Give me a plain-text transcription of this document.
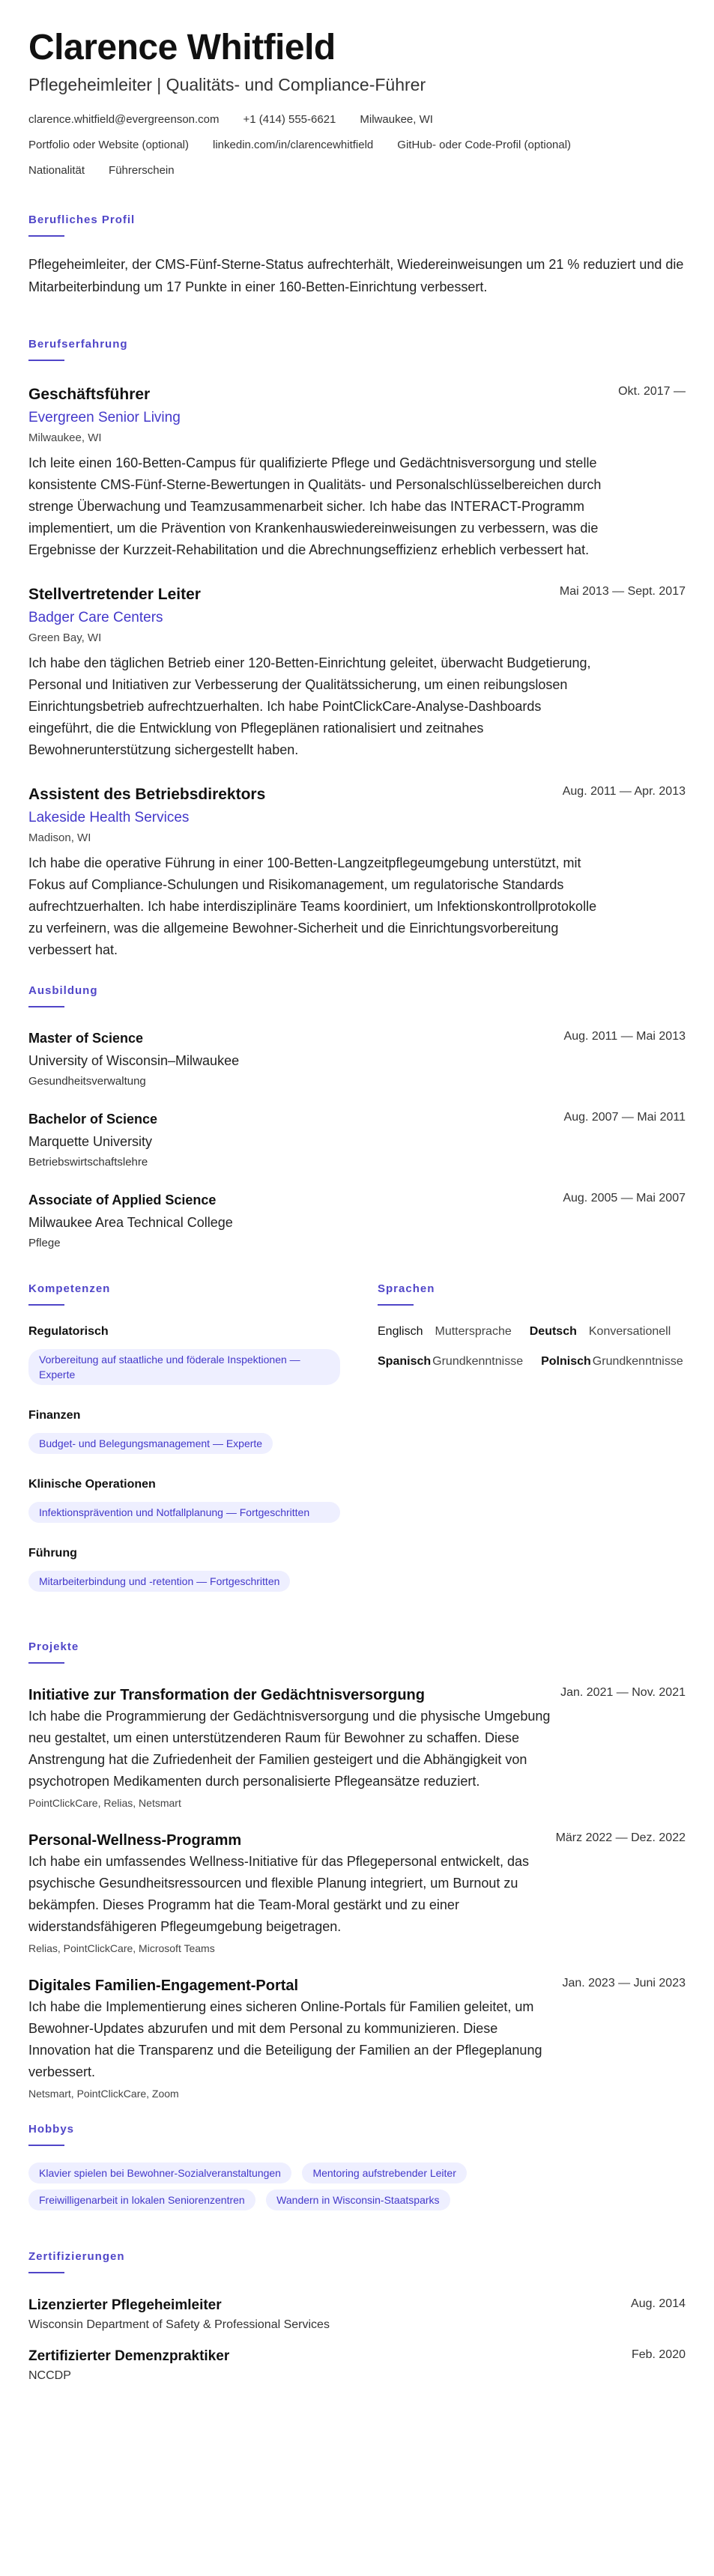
Clarence Whitfield
Pflegeheimleiter | Qualitäts- und Compliance-Führer
clarence.whitfield@evergreenson.com +1 (414) 555-6621 Milwaukee, WI
Portfolio oder Website (optional) linkedin.com/in/clarencewhitfield GitHub- oder Code-Profil (optional)
Nationalität Führerschein
Berufliches Profil
Pflegeheimleiter, der CMS-Fünf-Sterne-Status aufrechterhält, Wiedereinweisungen um 21 % reduziert und die Mitarbeiterbindung um 17 Punkte in einer 160-Betten-Einrichtung verbessert.
Berufserfahrung
Geschäftsführer	Okt. 2017 —
Evergreen Senior Living
Milwaukee, WI
Ich leite einen 160-Betten-Campus für qualifizierte Pflege und Gedächtnisversorgung und stelle konsistente CMS-Fünf-Sterne-Bewertungen in Qualitäts- und Personalschlüsselbereichen durch strenge Überwachung und Teamzusammenarbeit sicher. Ich habe das INTERACT-Programm implementiert, um die Prävention von Krankenhauswiedereinweisungen zu verbessern, was die Ergebnisse der Kurzzeit-Rehabilitation und die Abrechnungseffizienz erheblich verbessert hat.
Stellvertretender Leiter	Mai 2013 — Sept. 2017
Badger Care Centers
Green Bay, WI
Ich habe den täglichen Betrieb einer 120-Betten-Einrichtung geleitet, überwacht Budgetierung, Personal und Initiativen zur Verbesserung der Qualitätssicherung, um einen reibungslosen Einrichtungsbetrieb aufrechtzuerhalten. Ich habe PointClickCare-Analyse-Dashboards eingeführt, die die Entwicklung von Pflegeplänen rationalisiert und zeitnahes Bewohnerunterstützung sichergestellt haben.
Assistent des Betriebsdirektors	Aug. 2011 — Apr. 2013
Lakeside Health Services
Madison, WI
Ich habe die operative Führung in einer 100-Betten-Langzeitpflegeumgebung unterstützt, mit Fokus auf Compliance-Schulungen und Risikomanagement, um regulatorische Standards aufrechtzuerhalten. Ich habe interdisziplinäre Teams koordiniert, um Infektionskontrollprotokolle zu verfeinern, was die allgemeine Bewohner-Sicherheit und die Einrichtungsvorbereitung verbessert hat.
Ausbildung
Master of Science	Aug. 2011 — Mai 2013
University of Wisconsin–Milwaukee
Gesundheitsverwaltung
Bachelor of Science	Aug. 2007 — Mai 2011
Marquette University
Betriebswirtschaftslehre
Associate of Applied Science	Aug. 2005 — Mai 2007
Milwaukee Area Technical College
Pflege
Kompetenzen
Regulatorisch
Vorbereitung auf staatliche und föderale Inspektionen — Experte
Finanzen
Budget- und Belegungsmanagement — Experte
Klinische Operationen
Infektionsprävention und Notfallplanung — Fortgeschritten
Führung
Mitarbeiterbindung und -retention — Fortgeschritten
Sprachen
Englisch Muttersprache Deutsch Konversationell
Spanisch Grundkenntnisse Polnisch Grundkenntnisse
Projekte
Initiative zur Transformation der Gedächtnisversorgung	Jan. 2021 — Nov. 2021
Ich habe die Programmierung der Gedächtnisversorgung und die physische Umgebung neu gestaltet, um einen unterstützenderen Raum für Bewohner zu schaffen. Diese Anstrengung hat die Zufriedenheit der Familien gesteigert und die Abhängigkeit von psychotropen Medikamenten durch personalisierte Pflegeansätze reduziert.
PointClickCare, Relias, Netsmart
Personal-Wellness-Programm	März 2022 — Dez. 2022
Ich habe ein umfassendes Wellness-Initiative für das Pflegepersonal entwickelt, das psychische Gesundheitsressourcen und flexible Planung integriert, um Burnout zu bekämpfen. Dieses Programm hat die Team-Moral gestärkt und zu einer widerstandsfähigeren Pflegeumgebung beigetragen.
Relias, PointClickCare, Microsoft Teams
Digitales Familien-Engagement-Portal	Jan. 2023 — Juni 2023
Ich habe die Implementierung eines sicheren Online-Portals für Familien geleitet, um Bewohner-Updates abzurufen und mit dem Personal zu kommunizieren. Diese Innovation hat die Transparenz und die Beteiligung der Familien an der Pflegeplanung verbessert.
Netsmart, PointClickCare, Zoom
Hobbys
Klavier spielen bei Bewohner-Sozialveranstaltungen	Mentoring aufstrebender Leiter Freiwilligenarbeit in lokalen Seniorenzentren	Wandern in Wisconsin-Staatsparks
Zertifizierungen
Lizenzierter Pflegeheimleiter	Aug. 2014
Wisconsin Department of Safety & Professional Services
Zertifizierter Demenzpraktiker	Feb. 2020
NCCDP
